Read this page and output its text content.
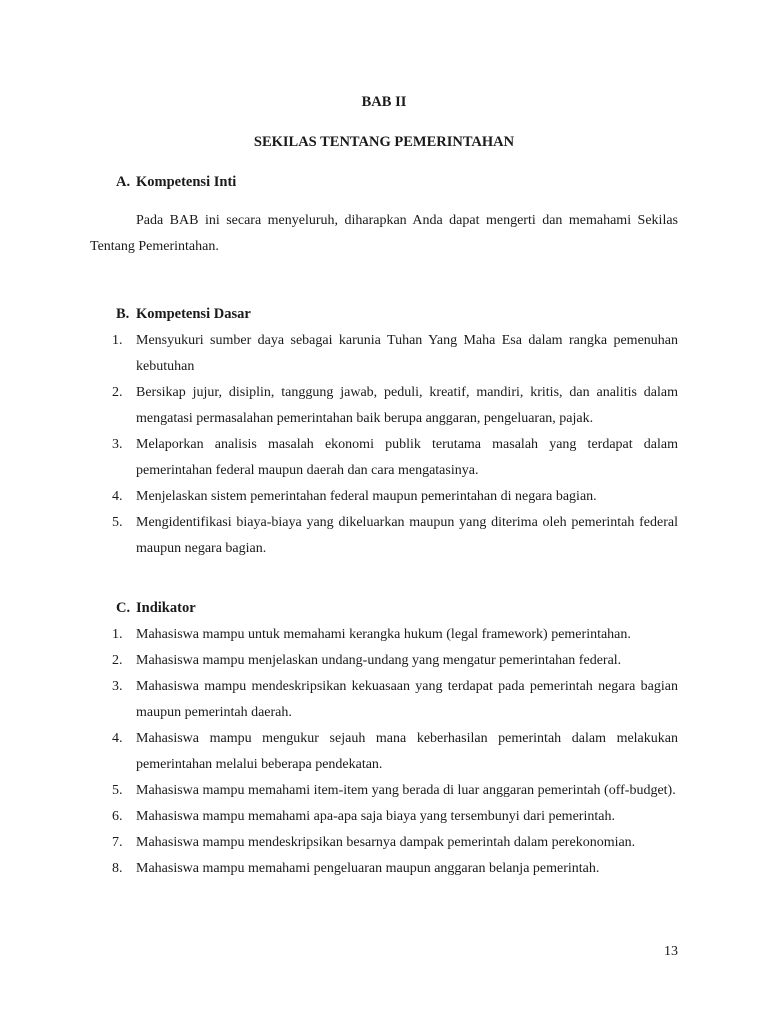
BAB II
SEKILAS TENTANG PEMERINTAHAN
A. Kompetensi Inti

Pada BAB ini secara menyeluruh, diharapkan Anda dapat mengerti dan memahami Sekilas Tentang Pemerintahan.

B. Kompetensi Dasar
1. Mensyukuri sumber daya sebagai karunia Tuhan Yang Maha Esa dalam rangka pemenuhan kebutuhan
2. Bersikap jujur, disiplin, tanggung jawab, peduli, kreatif, mandiri, kritis, dan analitis dalam mengatasi permasalahan pemerintahan baik berupa anggaran, pengeluaran, pajak.
3. Melaporkan analisis masalah ekonomi publik terutama masalah yang terdapat dalam pemerintahan federal maupun daerah dan cara mengatasinya.
4. Menjelaskan sistem pemerintahan federal maupun pemerintahan di negara bagian.
5. Mengidentifikasi biaya-biaya yang dikeluarkan maupun yang diterima oleh pemerintah federal maupun negara bagian.
C. Indikator
1. Mahasiswa mampu untuk memahami kerangka hukum (legal framework) pemerintahan.
2. Mahasiswa mampu menjelaskan undang-undang yang mengatur pemerintahan federal.
3. Mahasiswa mampu mendeskripsikan kekuasaan yang terdapat pada pemerintah negara bagian maupun pemerintah daerah.
4. Mahasiswa mampu mengukur sejauh mana keberhasilan pemerintah dalam melakukan pemerintahan melalui beberapa pendekatan.
5. Mahasiswa mampu memahami item-item yang berada di luar anggaran pemerintah (off-budget).
6. Mahasiswa mampu memahami apa-apa saja biaya yang tersembunyi dari pemerintah.
7. Mahasiswa mampu mendeskripsikan besarnya dampak pemerintah dalam perekonomian.
8. Mahasiswa mampu memahami pengeluaran maupun anggaran belanja pemerintah.
13
